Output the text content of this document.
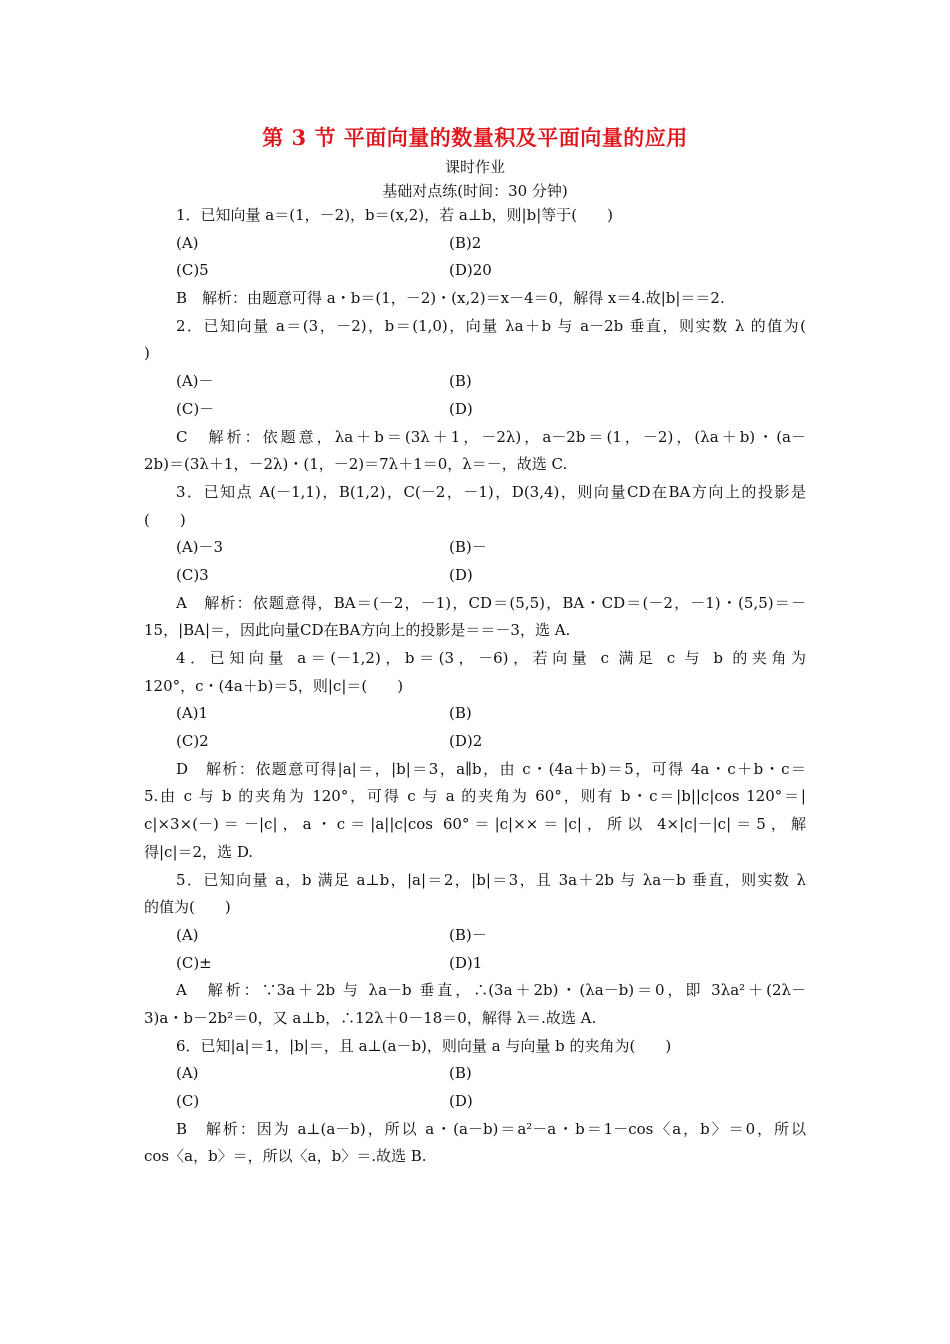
第 3 节 平面向量的数量积及平面向量的应用
课时作业
基础对点练(时间：30 分钟)
1．已知向量 a＝(1，－2)，b＝(x,2)，若 a⊥b，则|b|等于(　　)
(A)	(B)2
(C)5	(D)20
B　解析：由题意可得 a・b＝(1，－2)・(x,2)＝x－4＝0，解得 x＝4.故|b|＝＝2.
2．已知向量 a＝(3，－2)，b＝(1,0)，向量 λa＋b 与 a－2b 垂直，则实数 λ 的值为(
)
(A)－	(B)
(C)－	(D)
C　解析：依题意，λa＋b＝(3λ＋1，－2λ)，a－2b＝(1，－2)，(λa＋b)・(a－
2b)＝(3λ＋1，－2λ)・(1，－2)＝7λ＋1＝0，λ＝－，故选 C.
3．已知点 A(－1,1)，B(1,2)，C(－2，－1)，D(3,4)，则向量CD在BA方向上的投影是
(　　)
(A)－3	(B)－
(C)3	(D)
A　解析：依题意得，BA＝(－2，－1)，CD＝(5,5)，BA・CD＝(－2，－1)・(5,5)＝－
15，|BA|＝，因此向量CD在BA方向上的投影是＝＝－3，选 A.
4．已知向量 a＝(－1,2)，b＝(3，－6)，若向量 c 满足 c 与 b 的夹角为
120°，c・(4a＋b)＝5，则|c|＝(　　)
(A)1	(B)
(C)2	(D)2
D　解析：依题意可得|a|＝，|b|＝3，a∥b，由 c・(4a＋b)＝5，可得 4a・c＋b・c＝
5.由 c 与 b 的夹角为 120°，可得 c 与 a 的夹角为 60°，则有 b・c＝|b||c|cos 120°＝|
c|×3×(－)＝－|c|，a・c＝|a||c|cos 60°＝|c|××＝|c|，所以 4×|c|－|c|＝5，解
得|c|＝2，选 D.
5．已知向量 a，b 满足 a⊥b，|a|＝2，|b|＝3，且 3a＋2b 与 λa－b 垂直，则实数 λ
的值为(　　)
(A)	(B)－
(C)±	(D)1
A　解析：∵3a＋2b 与 λa－b 垂直，∴(3a＋2b)・(λa－b)＝0，即 3λa²＋(2λ－
3)a・b－2b²＝0，又 a⊥b，∴12λ＋0－18＝0，解得 λ＝.故选 A.
6．已知|a|＝1，|b|＝，且 a⊥(a－b)，则向量 a 与向量 b 的夹角为(　　)
(A)	(B)
(C)	(D)
B　解析：因为 a⊥(a－b)，所以 a・(a－b)＝a²－a・b＝1－cos〈a，b〉＝0，所以
cos〈a，b〉＝，所以〈a，b〉＝.故选 B.
